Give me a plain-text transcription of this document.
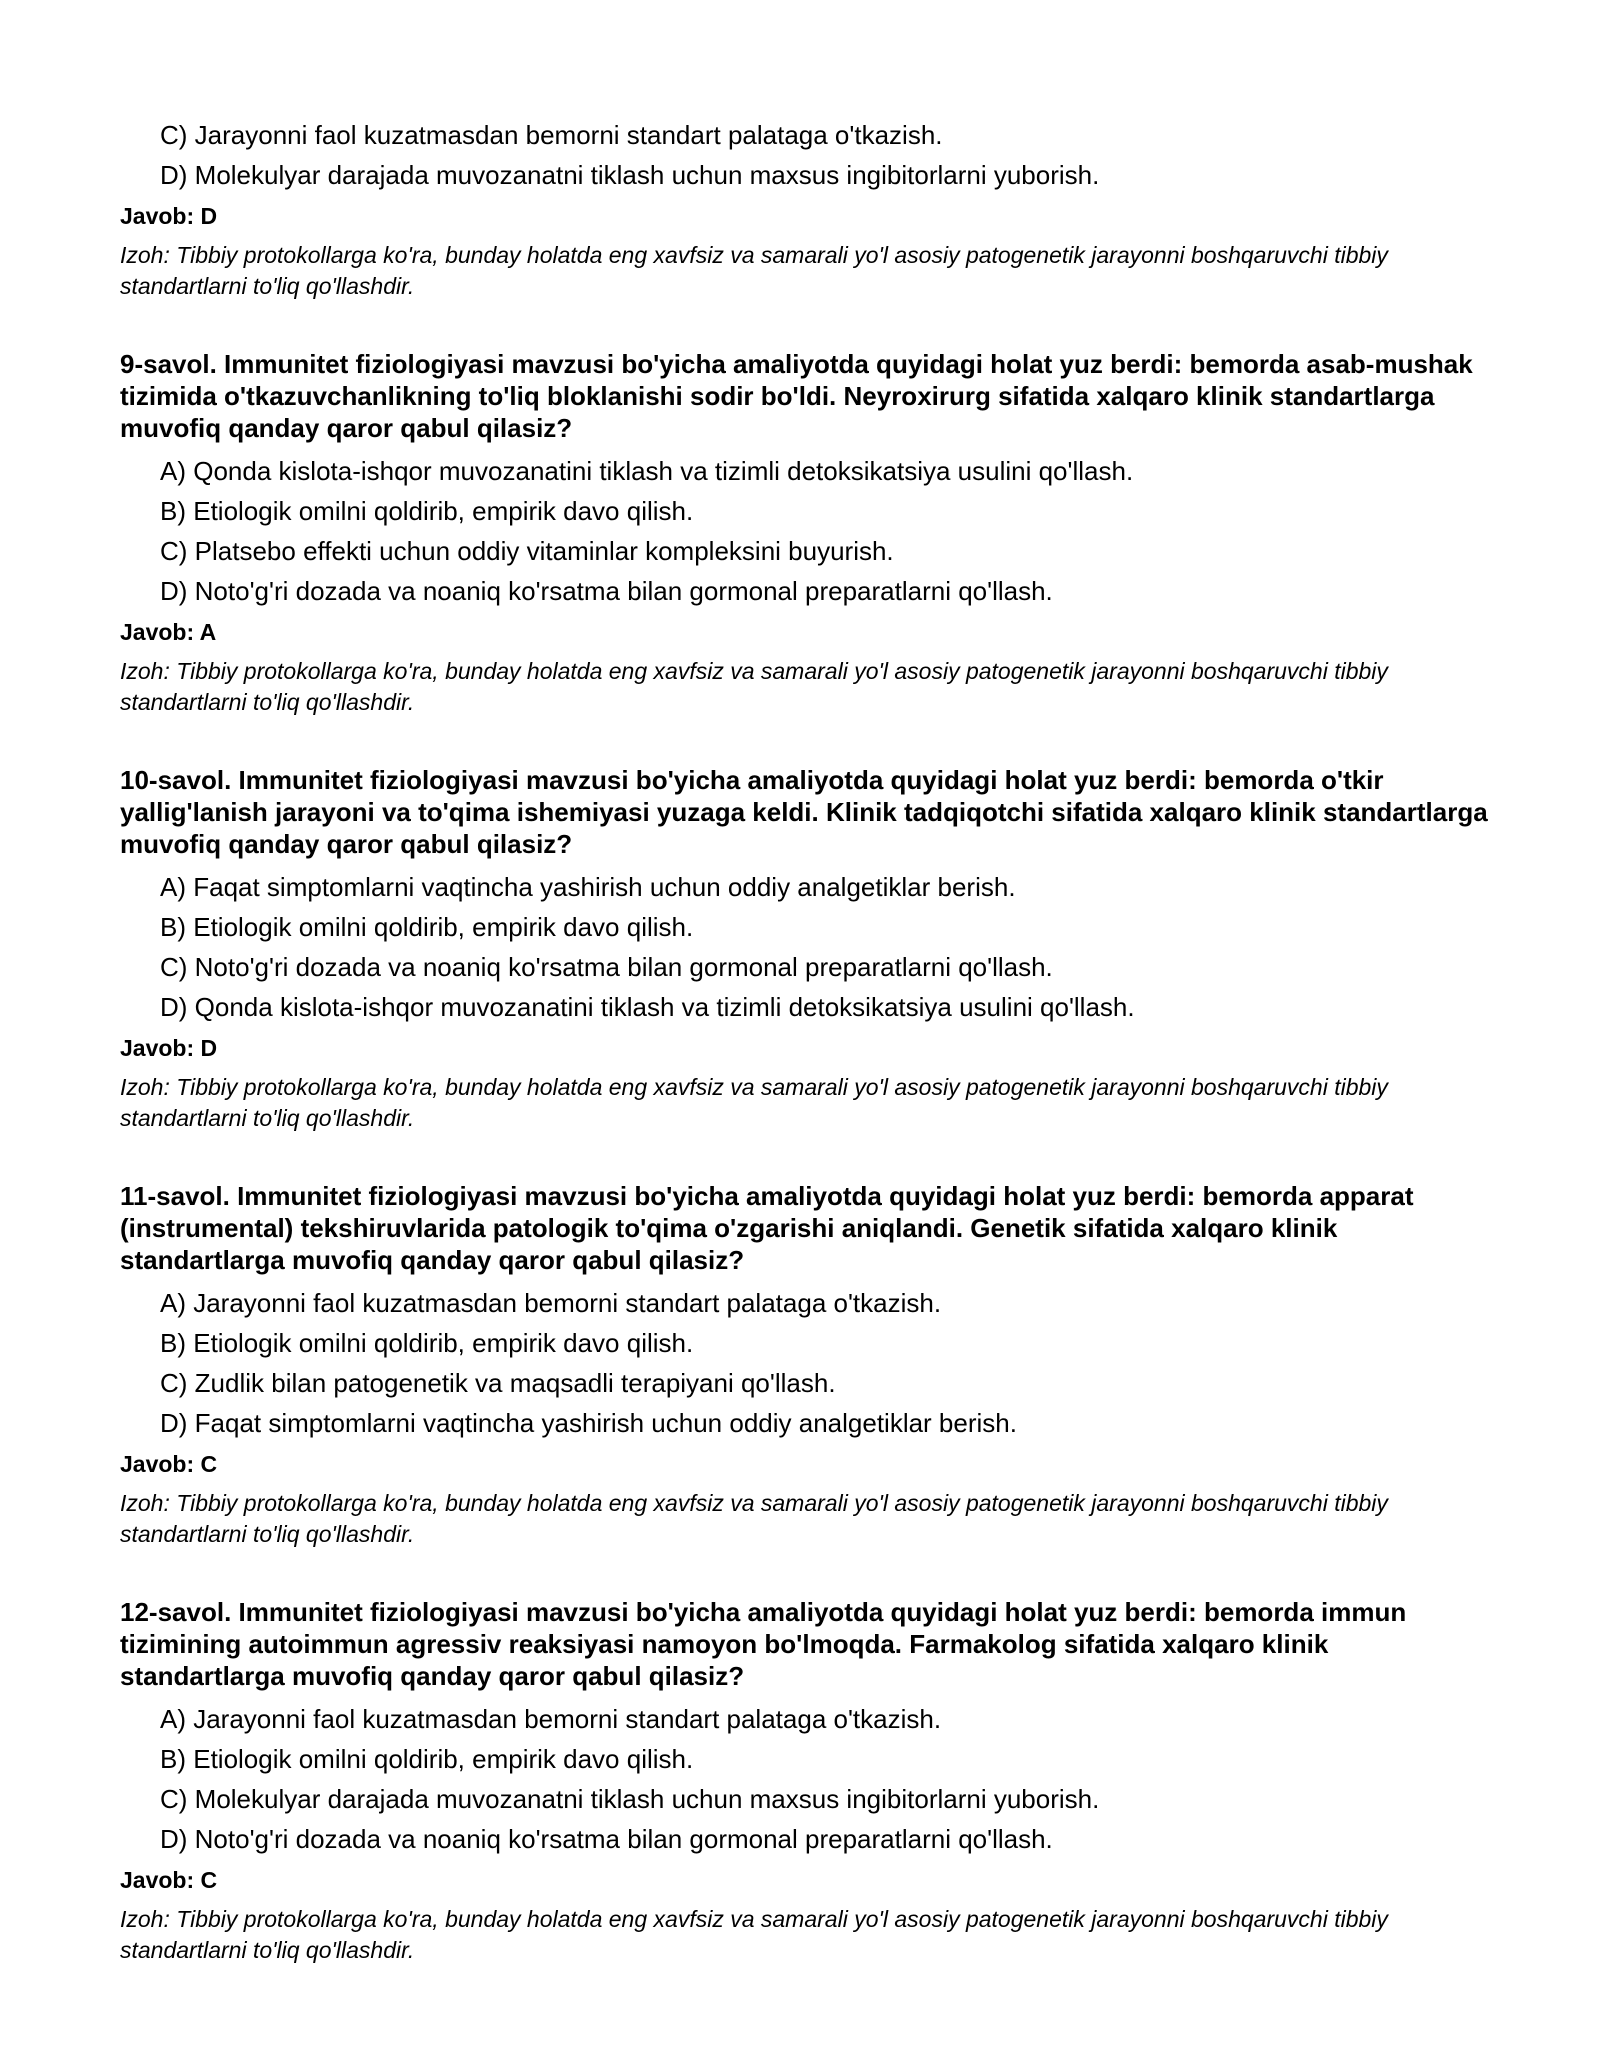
C) Jarayonni faol kuzatmasdan bemorni standart palataga o'tkazish.
D) Molekulyar darajada muvozanatni tiklash uchun maxsus ingibitorlarni yuborish.
Javob: D
Izoh: Tibbiy protokollarga ko'ra, bunday holatda eng xavfsiz va samarali yo'l asosiy patogenetik jarayonni boshqaruvchi tibbiy standartlarni to'liq qo'llashdir.
9-savol. Immunitet fiziologiyasi mavzusi bo'yicha amaliyotda quyidagi holat yuz berdi: bemorda asab-mushak tizimida o'tkazuvchanlikning to'liq bloklanishi sodir bo'ldi. Neyroxirurg sifatida xalqaro klinik standartlarga muvofiq qanday qaror qabul qilasiz?
A) Qonda kislota-ishqor muvozanatini tiklash va tizimli detoksikatsiya usulini qo'llash.
B) Etiologik omilni qoldirib, empirik davo qilish.
C) Platsebo effekti uchun oddiy vitaminlar kompleksini buyurish.
D) Noto'g'ri dozada va noaniq ko'rsatma bilan gormonal preparatlarni qo'llash.
Javob: A
Izoh: Tibbiy protokollarga ko'ra, bunday holatda eng xavfsiz va samarali yo'l asosiy patogenetik jarayonni boshqaruvchi tibbiy standartlarni to'liq qo'llashdir.
10-savol. Immunitet fiziologiyasi mavzusi bo'yicha amaliyotda quyidagi holat yuz berdi: bemorda o'tkir yallig'lanish jarayoni va to'qima ishemiyasi yuzaga keldi. Klinik tadqiqotchi sifatida xalqaro klinik standartlarga muvofiq qanday qaror qabul qilasiz?
A) Faqat simptomlarni vaqtincha yashirish uchun oddiy analgetiklar berish.
B) Etiologik omilni qoldirib, empirik davo qilish.
C) Noto'g'ri dozada va noaniq ko'rsatma bilan gormonal preparatlarni qo'llash.
D) Qonda kislota-ishqor muvozanatini tiklash va tizimli detoksikatsiya usulini qo'llash.
Javob: D
Izoh: Tibbiy protokollarga ko'ra, bunday holatda eng xavfsiz va samarali yo'l asosiy patogenetik jarayonni boshqaruvchi tibbiy standartlarni to'liq qo'llashdir.
11-savol. Immunitet fiziologiyasi mavzusi bo'yicha amaliyotda quyidagi holat yuz berdi: bemorda apparat (instrumental) tekshiruvlarida patologik to'qima o'zgarishi aniqlandi. Genetik sifatida xalqaro klinik standartlarga muvofiq qanday qaror qabul qilasiz?
A) Jarayonni faol kuzatmasdan bemorni standart palataga o'tkazish.
B) Etiologik omilni qoldirib, empirik davo qilish.
C) Zudlik bilan patogenetik va maqsadli terapiyani qo'llash.
D) Faqat simptomlarni vaqtincha yashirish uchun oddiy analgetiklar berish.
Javob: C
Izoh: Tibbiy protokollarga ko'ra, bunday holatda eng xavfsiz va samarali yo'l asosiy patogenetik jarayonni boshqaruvchi tibbiy standartlarni to'liq qo'llashdir.
12-savol. Immunitet fiziologiyasi mavzusi bo'yicha amaliyotda quyidagi holat yuz berdi: bemorda immun tizimining autoimmun agressiv reaksiyasi namoyon bo'lmoqda. Farmakolog sifatida xalqaro klinik standartlarga muvofiq qanday qaror qabul qilasiz?
A) Jarayonni faol kuzatmasdan bemorni standart palataga o'tkazish.
B) Etiologik omilni qoldirib, empirik davo qilish.
C) Molekulyar darajada muvozanatni tiklash uchun maxsus ingibitorlarni yuborish.
D) Noto'g'ri dozada va noaniq ko'rsatma bilan gormonal preparatlarni qo'llash.
Javob: C
Izoh: Tibbiy protokollarga ko'ra, bunday holatda eng xavfsiz va samarali yo'l asosiy patogenetik jarayonni boshqaruvchi tibbiy standartlarni to'liq qo'llashdir.
